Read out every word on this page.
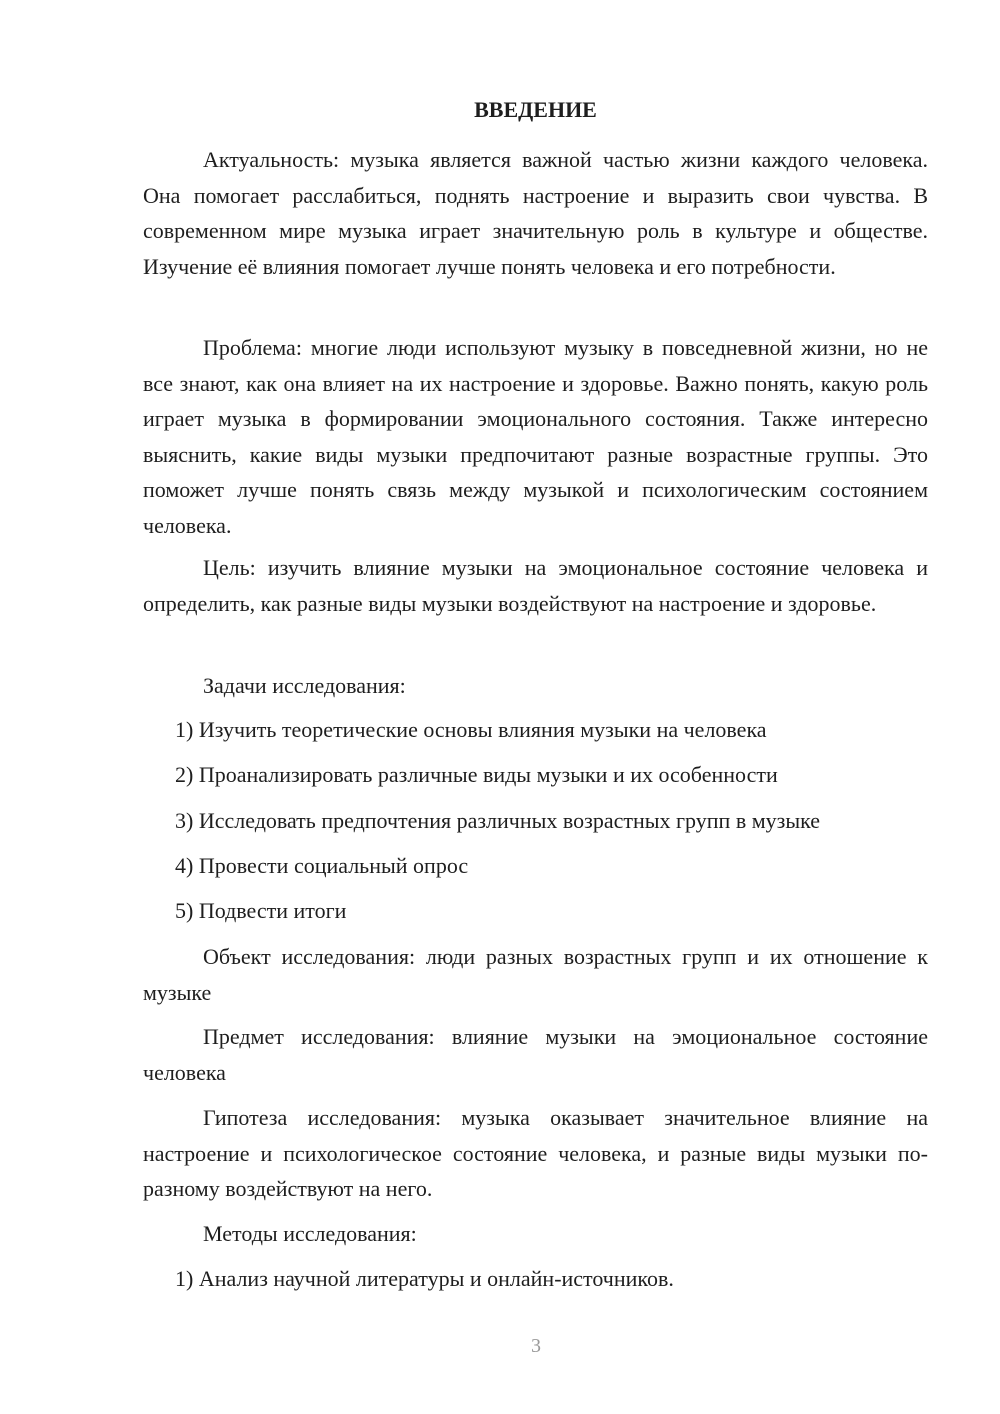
ВВЕДЕНИЕ

Актуальность: музыка является важной частью жизни каждого человека. Она помогает расслабиться, поднять настроение и выразить свои чувства. В современном мире музыка играет значительную роль в культуре и обществе. Изучение её влияния помогает лучше понять человека и его потребности.

Проблема: многие люди используют музыку в повседневной жизни, но не все знают, как она влияет на их настроение и здоровье. Важно понять, какую роль играет музыка в формировании эмоционального состояния. Также интересно выяснить, какие виды музыки предпочитают разные возрастные группы. Это поможет лучше понять связь между музыкой и психологическим состоянием человека.

Цель: изучить влияние музыки на эмоциональное состояние человека и определить, как разные виды музыки воздействуют на настроение и здоровье.

Задачи исследования:

1) Изучить теоретические основы влияния музыки на человека

2) Проанализировать различные виды музыки и их особенности

3) Исследовать предпочтения различных возрастных групп в музыке

4) Провести социальный опрос

5) Подвести итоги

Объект исследования: люди разных возрастных групп и их отношение к музыке

Предмет исследования: влияние музыки на эмоциональное состояние человека

Гипотеза исследования: музыка оказывает значительное влияние на настроение и психологическое состояние человека, и разные виды музыки по-разному воздействуют на него.

Методы исследования:

1) Анализ научной литературы и онлайн-источников.

3
